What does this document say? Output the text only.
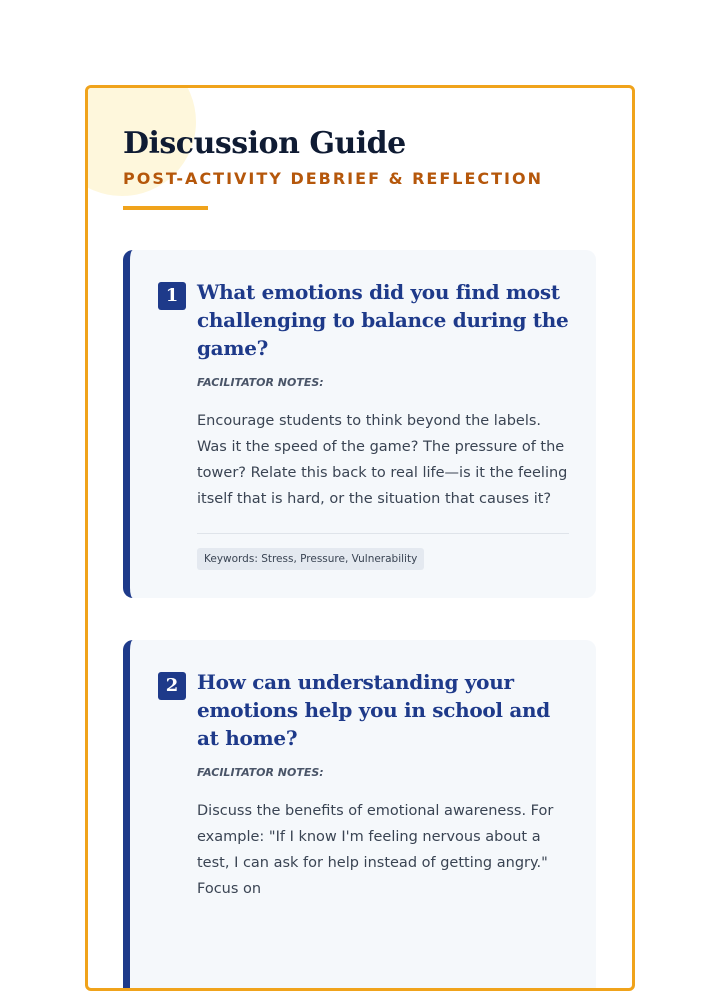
Discussion Guide
POST-ACTIVITY DEBRIEF & REFLECTION
1 What emotions did you find most challenging to balance during the game?
FACILITATOR NOTES:
Encourage students to think beyond the labels. Was it the speed of the game? The pressure of the tower? Relate this back to real life—is it the feeling itself that is hard, or the situation that causes it?
Keywords: Stress, Pressure, Vulnerability
2 How can understanding your emotions help you in school and at home?
FACILITATOR NOTES:
Discuss the benefits of emotional awareness. For example: "If I know I'm feeling nervous about a test, I can ask for help instead of getting angry." Focus on
